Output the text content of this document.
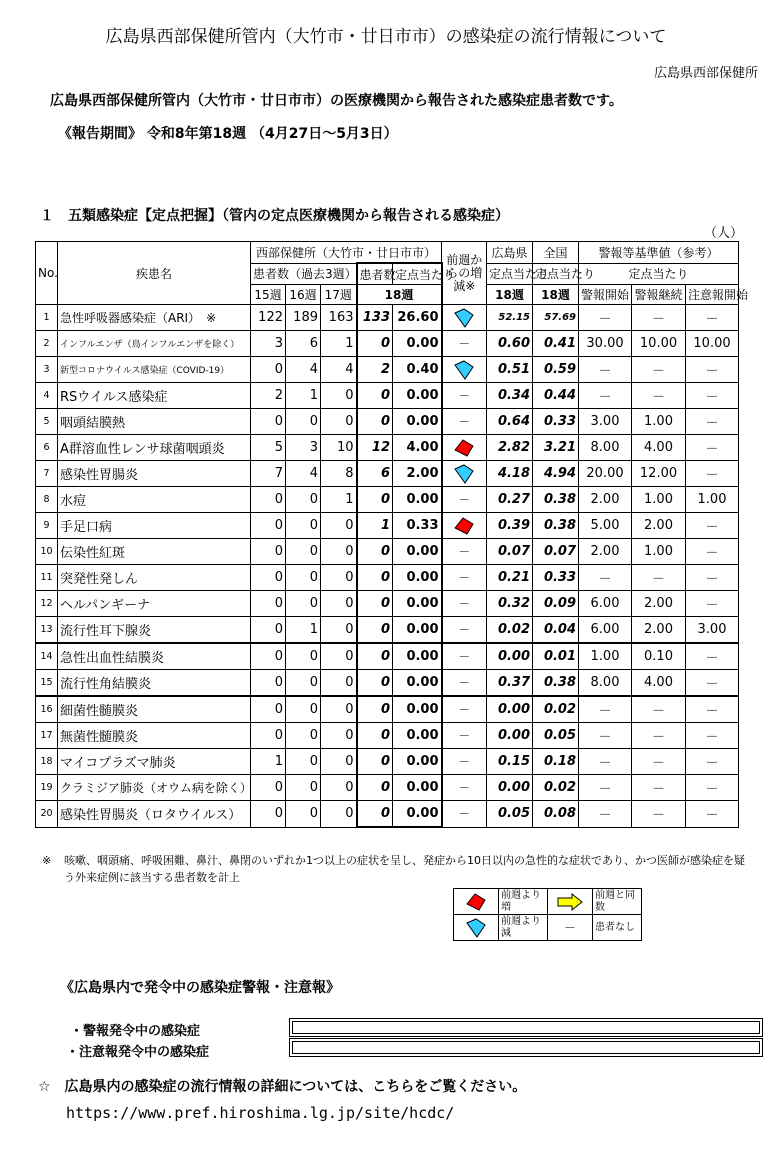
広島県西部保健所管内（大竹市・廿日市市）の感染症の流行情報について
広島県西部保健所
広島県西部保健所管内（大竹市・廿日市市）の医療機関から報告された感染症患者数です。
《報告期間》 令和8年第18週 （4月27日～5月3日）
１　五類感染症【定点把握】（管内の定点医療機関から報告される感染症）
（人）
No.	疾患名	西部保健所（大竹市・廿日市市）					前週からの増減※	広島県	全国	警報等基準値（参考）		
		患者数（過去3週）			患者数	定点当たり		定点当たり	定点当たり	定点当たり		
		15週	16週	17週	18週			18週	18週	警報開始	警報継続	注意報開始
1	急性呼吸器感染症（ARI）　※	122	189	163	133	26.60		52.15	57.69	－	－	－
2	インフルエンザ（鳥インフルエンザを除く）	3	6	1	0	0.00	－	0.60	0.41	30.00	10.00	10.00
3	新型コロナウイルス感染症（COVID-19）	0	4	4	2	0.40		0.51	0.59	－	－	－
4	RSウイルス感染症	2	1	0	0	0.00	－	0.34	0.44	－	－	－
5	咽頭結膜熱	0	0	0	0	0.00	－	0.64	0.33	3.00	1.00	－
6	A群溶血性レンサ球菌咽頭炎	5	3	10	12	4.00		2.82	3.21	8.00	4.00	－
7	感染性胃腸炎	7	4	8	6	2.00		4.18	4.94	20.00	12.00	－
8	水痘	0	0	1	0	0.00	－	0.27	0.38	2.00	1.00	1.00
9	手足口病	0	0	0	1	0.33		0.39	0.38	5.00	2.00	－
10	伝染性紅斑	0	0	0	0	0.00	－	0.07	0.07	2.00	1.00	－
11	突発性発しん	0	0	0	0	0.00	－	0.21	0.33	－	－	－
12	ヘルパンギーナ	0	0	0	0	0.00	－	0.32	0.09	6.00	2.00	－
13	流行性耳下腺炎	0	1	0	0	0.00	－	0.02	0.04	6.00	2.00	3.00
14	急性出血性結膜炎	0	0	0	0	0.00	－	0.00	0.01	1.00	0.10	－
15	流行性角結膜炎	0	0	0	0	0.00	－	0.37	0.38	8.00	4.00	－
16	細菌性髄膜炎	0	0	0	0	0.00	－	0.00	0.02	－	－	－
17	無菌性髄膜炎	0	0	0	0	0.00	－	0.00	0.05	－	－	－
18	マイコプラズマ肺炎	1	0	0	0	0.00	－	0.15	0.18	－	－	－
19	クラミジア肺炎（オウム病を除く）	0	0	0	0	0.00	－	0.00	0.02	－	－	－
20	感染性胃腸炎（ロタウイルス）	0	0	0	0	0.00	－	0.05	0.08	－	－	－
※ 咳嗽、咽頭痛、呼吸困難、鼻汁、鼻閉のいずれか1つ以上の症状を呈し、発症から10日以内の急性的な症状であり、かつ医師が感染症を疑う外来症例に該当する患者数を計上
	前週より増		前週と同数

	前週より減	－	患者なし
《広島県内で発令中の感染症警報・注意報》
・警報発令中の感染症
・注意報発令中の感染症
☆　広島県内の感染症の流行情報の詳細については、こちらをご覧ください。
https://www.pref.hiroshima.lg.jp/site/hcdc/
